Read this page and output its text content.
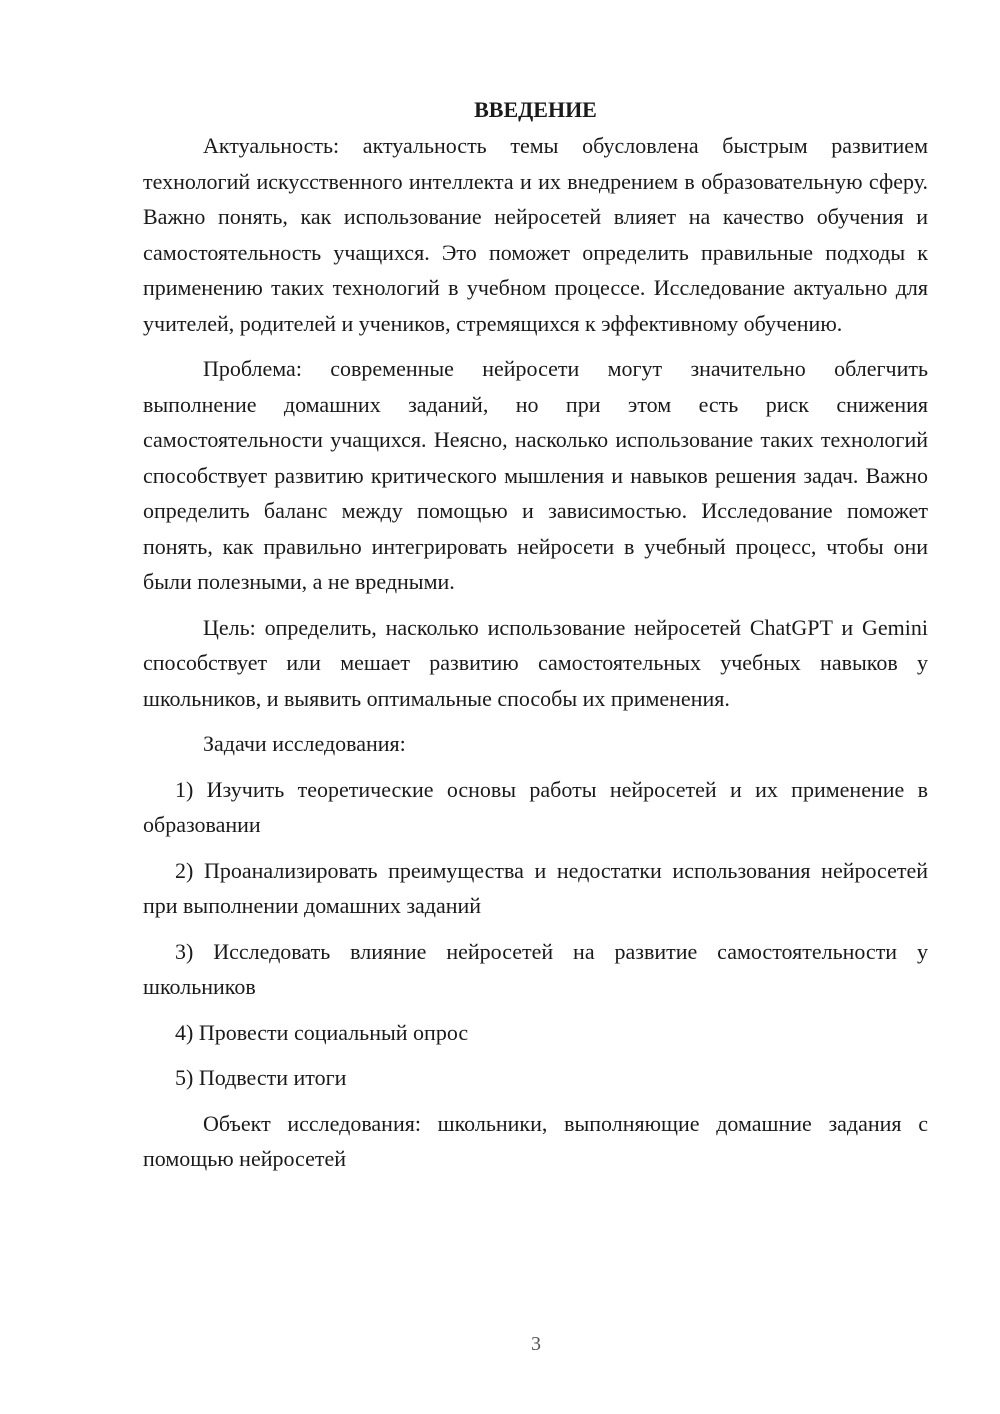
ВВЕДЕНИЕ

Актуальность: актуальность темы обусловлена быстрым развитием технологий искусственного интеллекта и их внедрением в образовательную сферу. Важно понять, как использование нейросетей влияет на качество обучения и самостоятельность учащихся. Это поможет определить правильные подходы к применению таких технологий в учебном процессе. Исследование актуально для учителей, родителей и учеников, стремящихся к эффективному обучению.

Проблема: современные нейросети могут значительно облегчить выполнение домашних заданий, но при этом есть риск снижения самостоятельности учащихся. Неясно, насколько использование таких технологий способствует развитию критического мышления и навыков решения задач. Важно определить баланс между помощью и зависимостью. Исследование поможет понять, как правильно интегрировать нейросети в учебный процесс, чтобы они были полезными, а не вредными.

Цель: определить, насколько использование нейросетей ChatGPT и Gemini способствует или мешает развитию самостоятельных учебных навыков у школьников, и выявить оптимальные способы их применения.

Задачи исследования:

1) Изучить теоретические основы работы нейросетей и их применение в образовании

2) Проанализировать преимущества и недостатки использования нейросетей при выполнении домашних заданий

3) Исследовать влияние нейросетей на развитие самостоятельности у школьников

4) Провести социальный опрос

5) Подвести итоги

Объект исследования: школьники, выполняющие домашние задания с помощью нейросетей

3
